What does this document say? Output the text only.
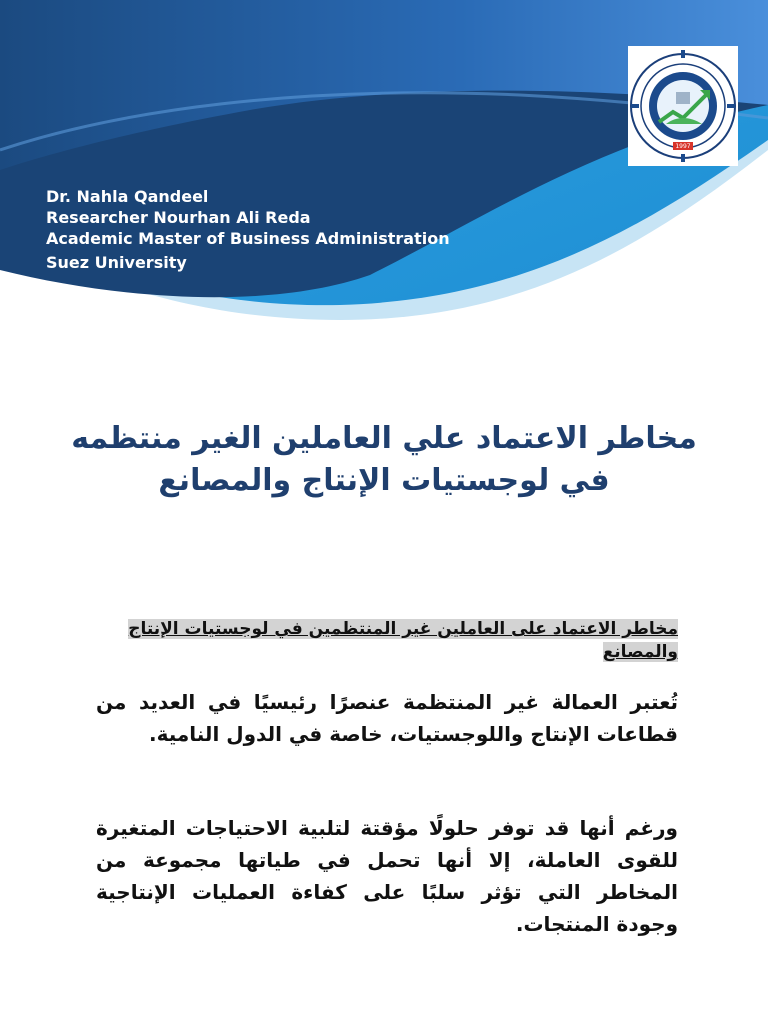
1997
Dr. Nahla Qandeel
Researcher Nourhan Ali Reda
Academic Master of Business Administration
Suez University
مخاطر الاعتماد علي العاملين الغير منتظمه في لوجستيات الإنتاج والمصانع
مخاطر الاعتماد على العاملين غير المنتظمين في لوجستيات الإنتاج والمصانع
تُعتبر العمالة غير المنتظمة عنصرًا رئيسيًا في العديد من قطاعات الإنتاج واللوجستيات، خاصة في الدول النامية.
ورغم أنها قد توفر حلولًا مؤقتة لتلبية الاحتياجات المتغيرة للقوى العاملة، إلا أنها تحمل في طياتها مجموعة من المخاطر التي تؤثر سلبًا على كفاءة العمليات الإنتاجية وجودة المنتجات.
